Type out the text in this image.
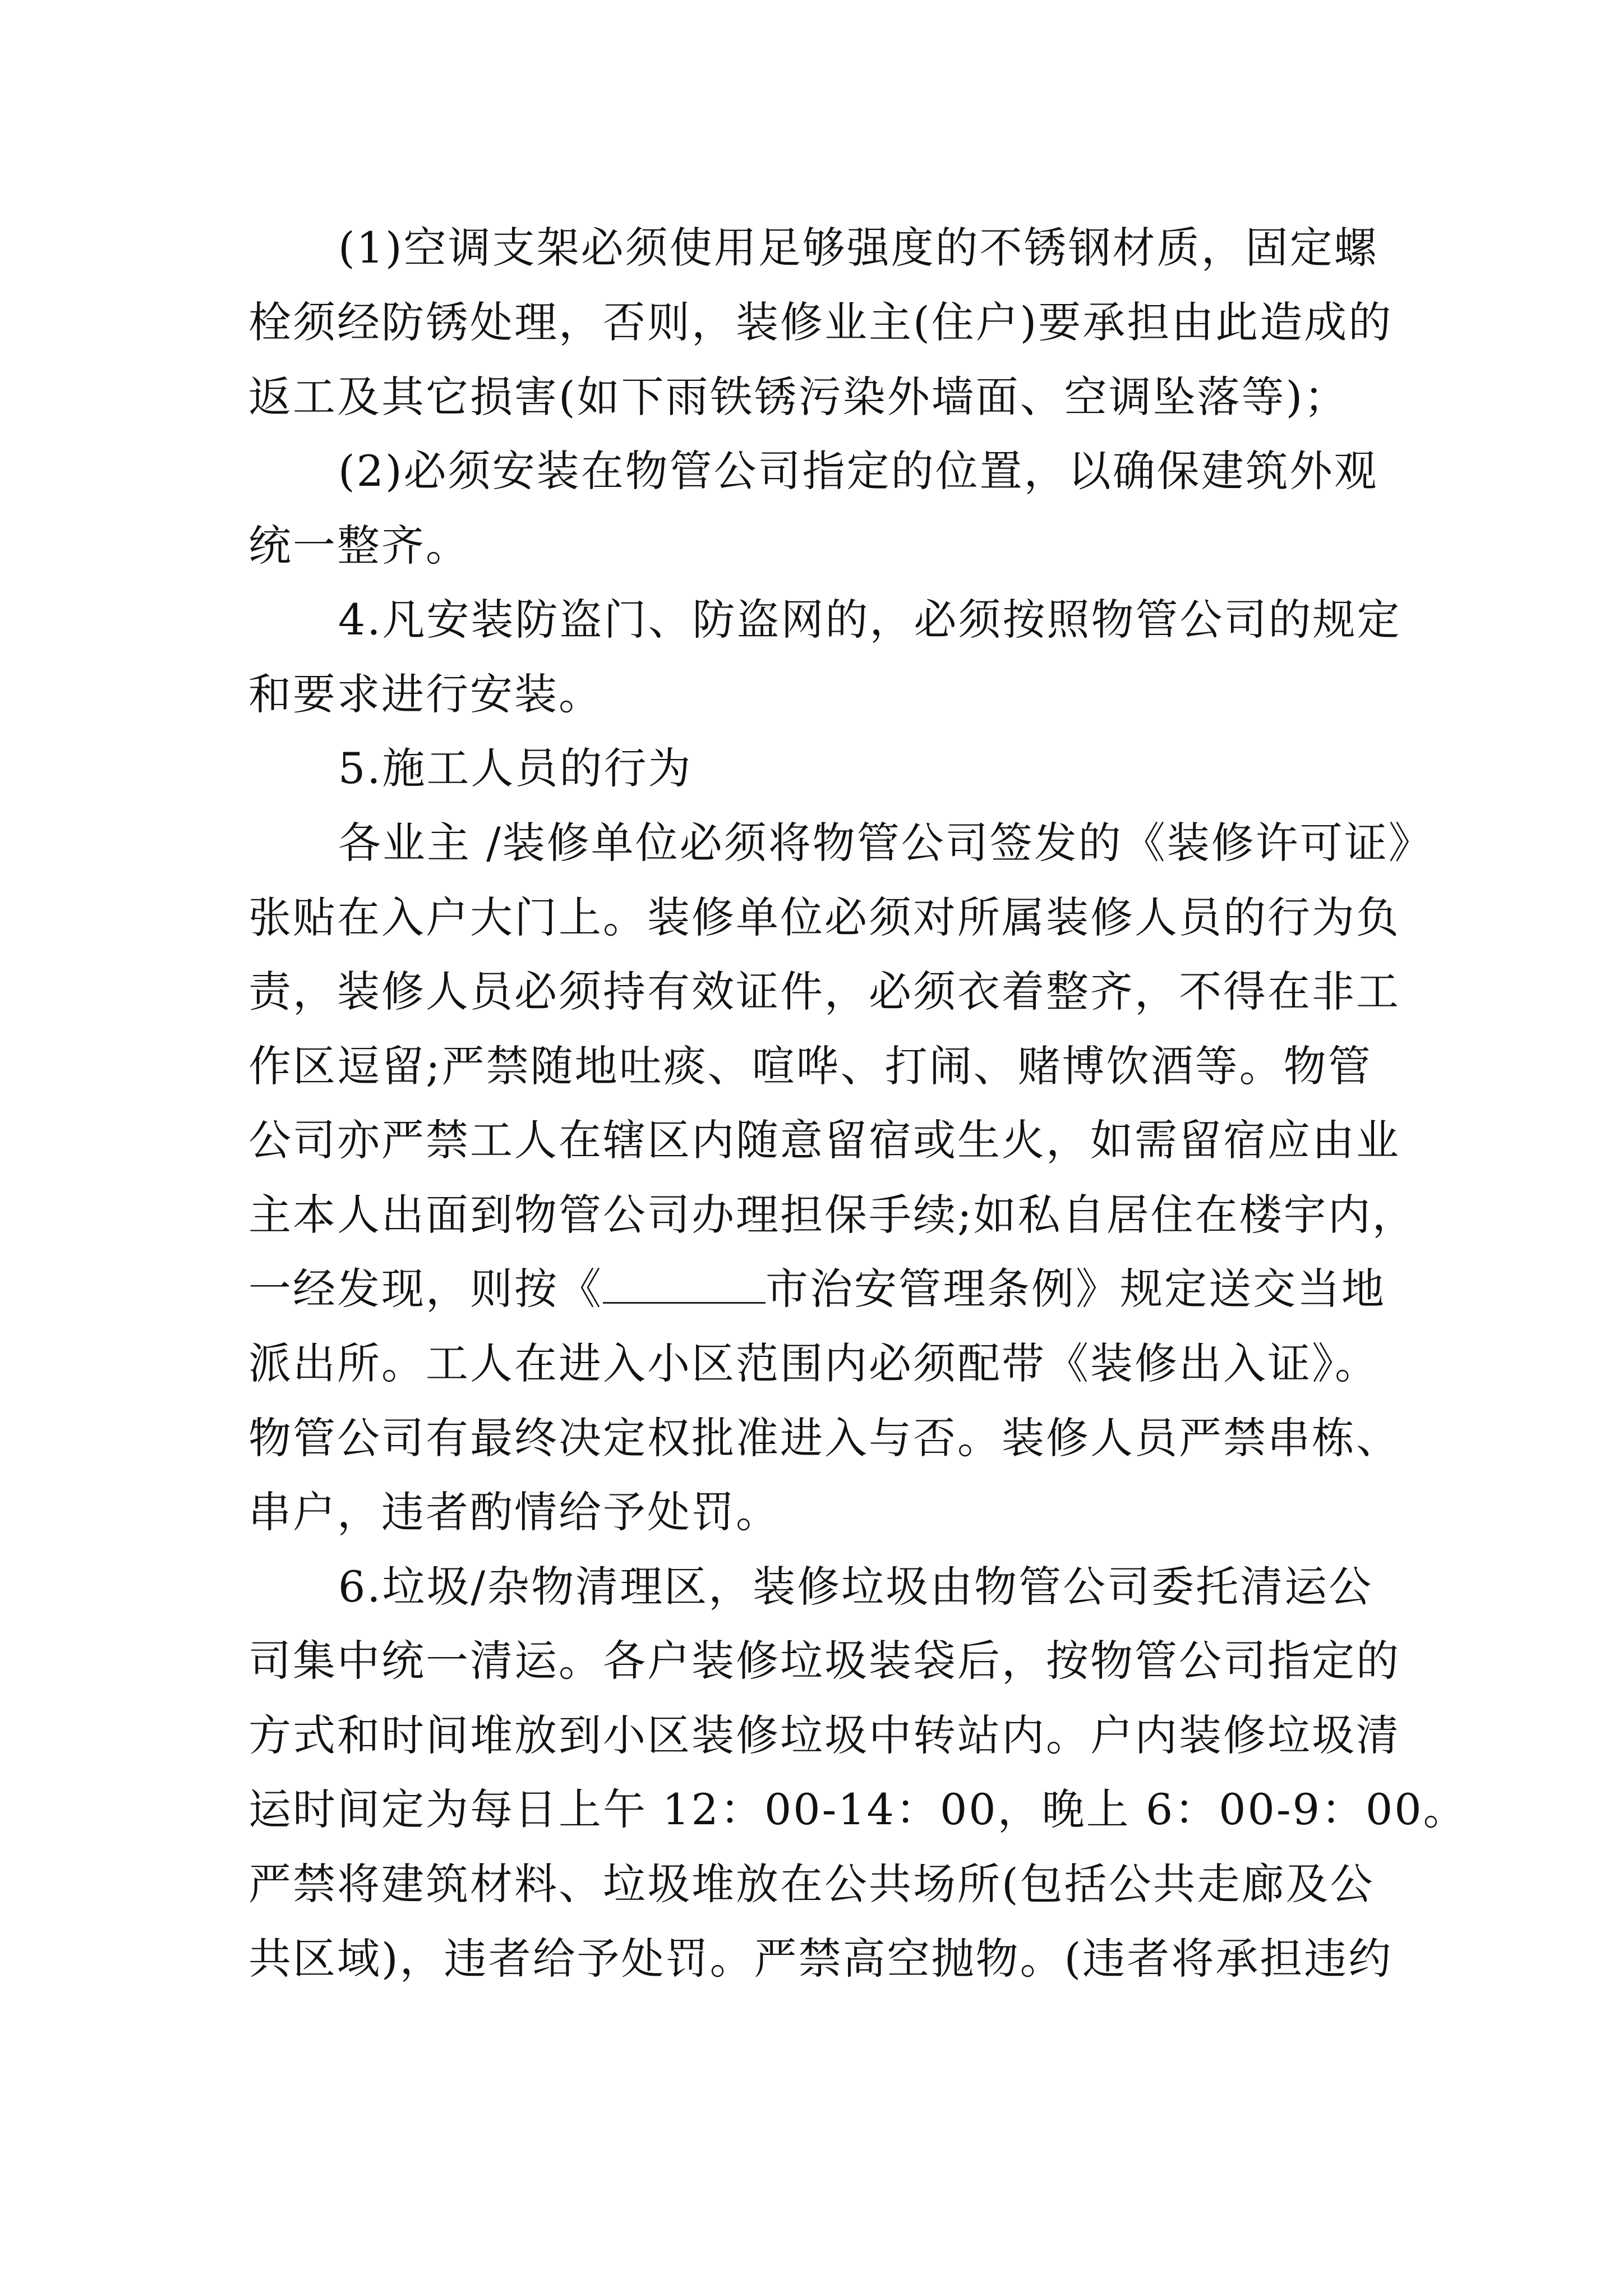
(1)空调支架必须使用足够强度的不锈钢材质，固定螺
栓须经防锈处理，否则，装修业主(住户)要承担由此造成的
返工及其它损害(如下雨铁锈污染外墙面、空调坠落等)；
(2)必须安装在物管公司指定的位置，以确保建筑外观
统一整齐。
4.凡安装防盗门、防盗网的，必须按照物管公司的规定
和要求进行安装。
5.施工人员的行为
各业主 /装修单位必须将物管公司签发的《装修许可证》
张贴在入户大门上。装修单位必须对所属装修人员的行为负
责，装修人员必须持有效证件，必须衣着整齐，不得在非工
作区逗留;严禁随地吐痰、喧哗、打闹、赌博饮酒等。物管
公司亦严禁工人在辖区内随意留宿或生火，如需留宿应由业
主本人出面到物管公司办理担保手续;如私自居住在楼宇内，
一经发现，则按《	市治安管理条例》规定送交当地
派出所。工人在进入小区范围内必须配带《装修出入证》。
物管公司有最终决定权批准进入与否。装修人员严禁串栋、
串户，违者酌情给予处罚。
6.垃圾/杂物清理区，装修垃圾由物管公司委托清运公
司集中统一清运。各户装修垃圾装袋后，按物管公司指定的
方式和时间堆放到小区装修垃圾中转站内。户内装修垃圾清
运时间定为每日上午 12：00-14：00，晚上 6：00-9：00。
严禁将建筑材料、垃圾堆放在公共场所(包括公共走廊及公
共区域)，违者给予处罚。严禁高空抛物。(违者将承担违约
